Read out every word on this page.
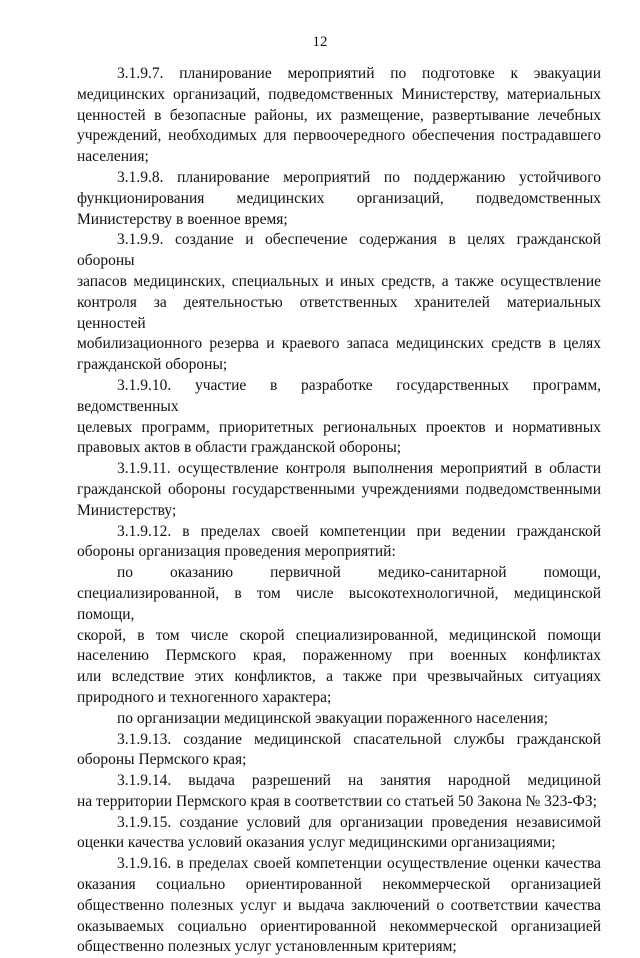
12
3.1.9.7. планирование мероприятий по подготовке к эвакуации
медицинских организаций, подведомственных Министерству, материальных
ценностей в безопасные районы, их размещение, развертывание лечебных
учреждений, необходимых для первоочередного обеспечения пострадавшего
населения;
3.1.9.8. планирование мероприятий по поддержанию устойчивого
функционирования медицинских организаций, подведомственных
Министерству в военное время;
3.1.9.9. создание и обеспечение содержания в целях гражданской обороны
запасов медицинских, специальных и иных средств, а также осуществление
контроля за деятельностью ответственных хранителей материальных ценностей
мобилизационного резерва и краевого запаса медицинских средств в целях
гражданской обороны;
3.1.9.10. участие в разработке государственных программ, ведомственных
целевых программ, приоритетных региональных проектов и нормативных
правовых актов в области гражданской обороны;
3.1.9.11. осуществление контроля выполнения мероприятий в области
гражданской обороны государственными учреждениями подведомственными
Министерству;
3.1.9.12. в пределах своей компетенции при ведении гражданской
обороны организация проведения мероприятий:
по оказанию первичной медико-санитарной помощи,
специализированной, в том числе высокотехнологичной, медицинской помощи,
скорой, в том числе скорой специализированной, медицинской помощи
населению Пермского края, пораженному при военных конфликтах
или вследствие этих конфликтов, а также при чрезвычайных ситуациях
природного и техногенного характера;
по организации медицинской эвакуации пораженного населения;
3.1.9.13. создание медицинской спасательной службы гражданской
обороны Пермского края;
3.1.9.14. выдача разрешений на занятия народной медициной
на территории Пермского края в соответствии со статьей 50 Закона № 323-ФЗ;
3.1.9.15. создание условий для организации проведения независимой
оценки качества условий оказания услуг медицинскими организациями;
3.1.9.16. в пределах своей компетенции осуществление оценки качества
оказания социально ориентированной некоммерческой организацией
общественно полезных услуг и выдача заключений о соответствии качества
оказываемых социально ориентированной некоммерческой организацией
общественно полезных услуг установленным критериям;
